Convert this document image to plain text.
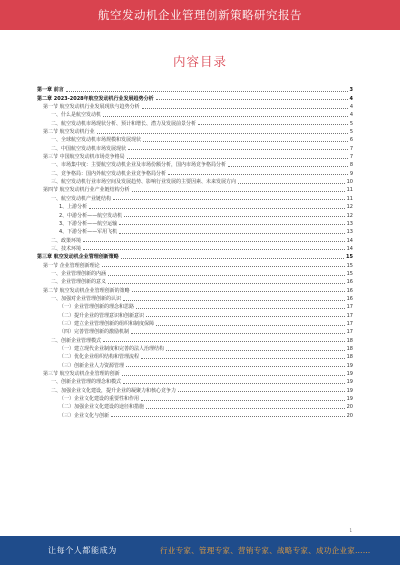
航空发动机企业管理创新策略研究报告
内容目录
第一章 前言	3
第二章 2023-2028年航空发动机行业发展趋势分析	4
第一节 航空发动机行业发展现状与趋势分析	4
一、什么是航空发动机	4
二、航空发动机市场现状分析、预计和增长、潜力及发展前景分析	5
第二节 航空发动机行业	5
一、全球航空发动机市场规模和发展现状	6
二、中国航空发动机市场发展现状	7
第三节 中国航空发动机市场竞争格局	7
一、市场集中度：主要航空发动机企业及市场份额分析，国内市场竞争格局分析	8
二、竞争格局：国内外航空发动机企业竞争格局分析	9
三、航空发动机行业市场空间及发展趋势、影响行业发展的主要因素、未来发展方向	10
第四节 航空发动机行业产业链结构分析	11
一、航空发动机产业链结构	11
1、上游分析	12
2、中游分析——航空发动机	12
3、下游分析——航空运输	13
4、下游分析——军用飞机	13
二、政策环境	14
三、技术环境	14
第三章 航空发动机企业管理创新策略	15
第一节 企业管理创新理论	15
一、企业管理创新的内涵	15
二、企业管理创新的意义	16
第二节 航空发动机企业管理创新的策略	16
一、加强对企业管理创新的认识	16
（一）企业管理创新的理念和思路	17
（二）提升企业的管理意识和创新意识	17
（三）建立企业管理创新的组织和制度保障	17
（四）完善管理创新的激励机制	17
二、创新企业管理模式	18
（一）建立现代企业制度和完善的法人治理结构	18
（二）优化企业组织结构和管理流程	18
（三）创新企业人力资源管理	19
第三节 航空发动机企业管理的创新	19
一、创新企业管理的理念和模式	19
二、加强企业文化建设，提升企业的凝聚力和核心竞争力	19
（一）企业文化建设的重要性和作用	19
（二）加强企业文化建设的途径和措施	20
（三）企业文化与创新	20
1
让每个人都能成为	行业专家、管理专家、营销专家、战略专家、成功企业家……
